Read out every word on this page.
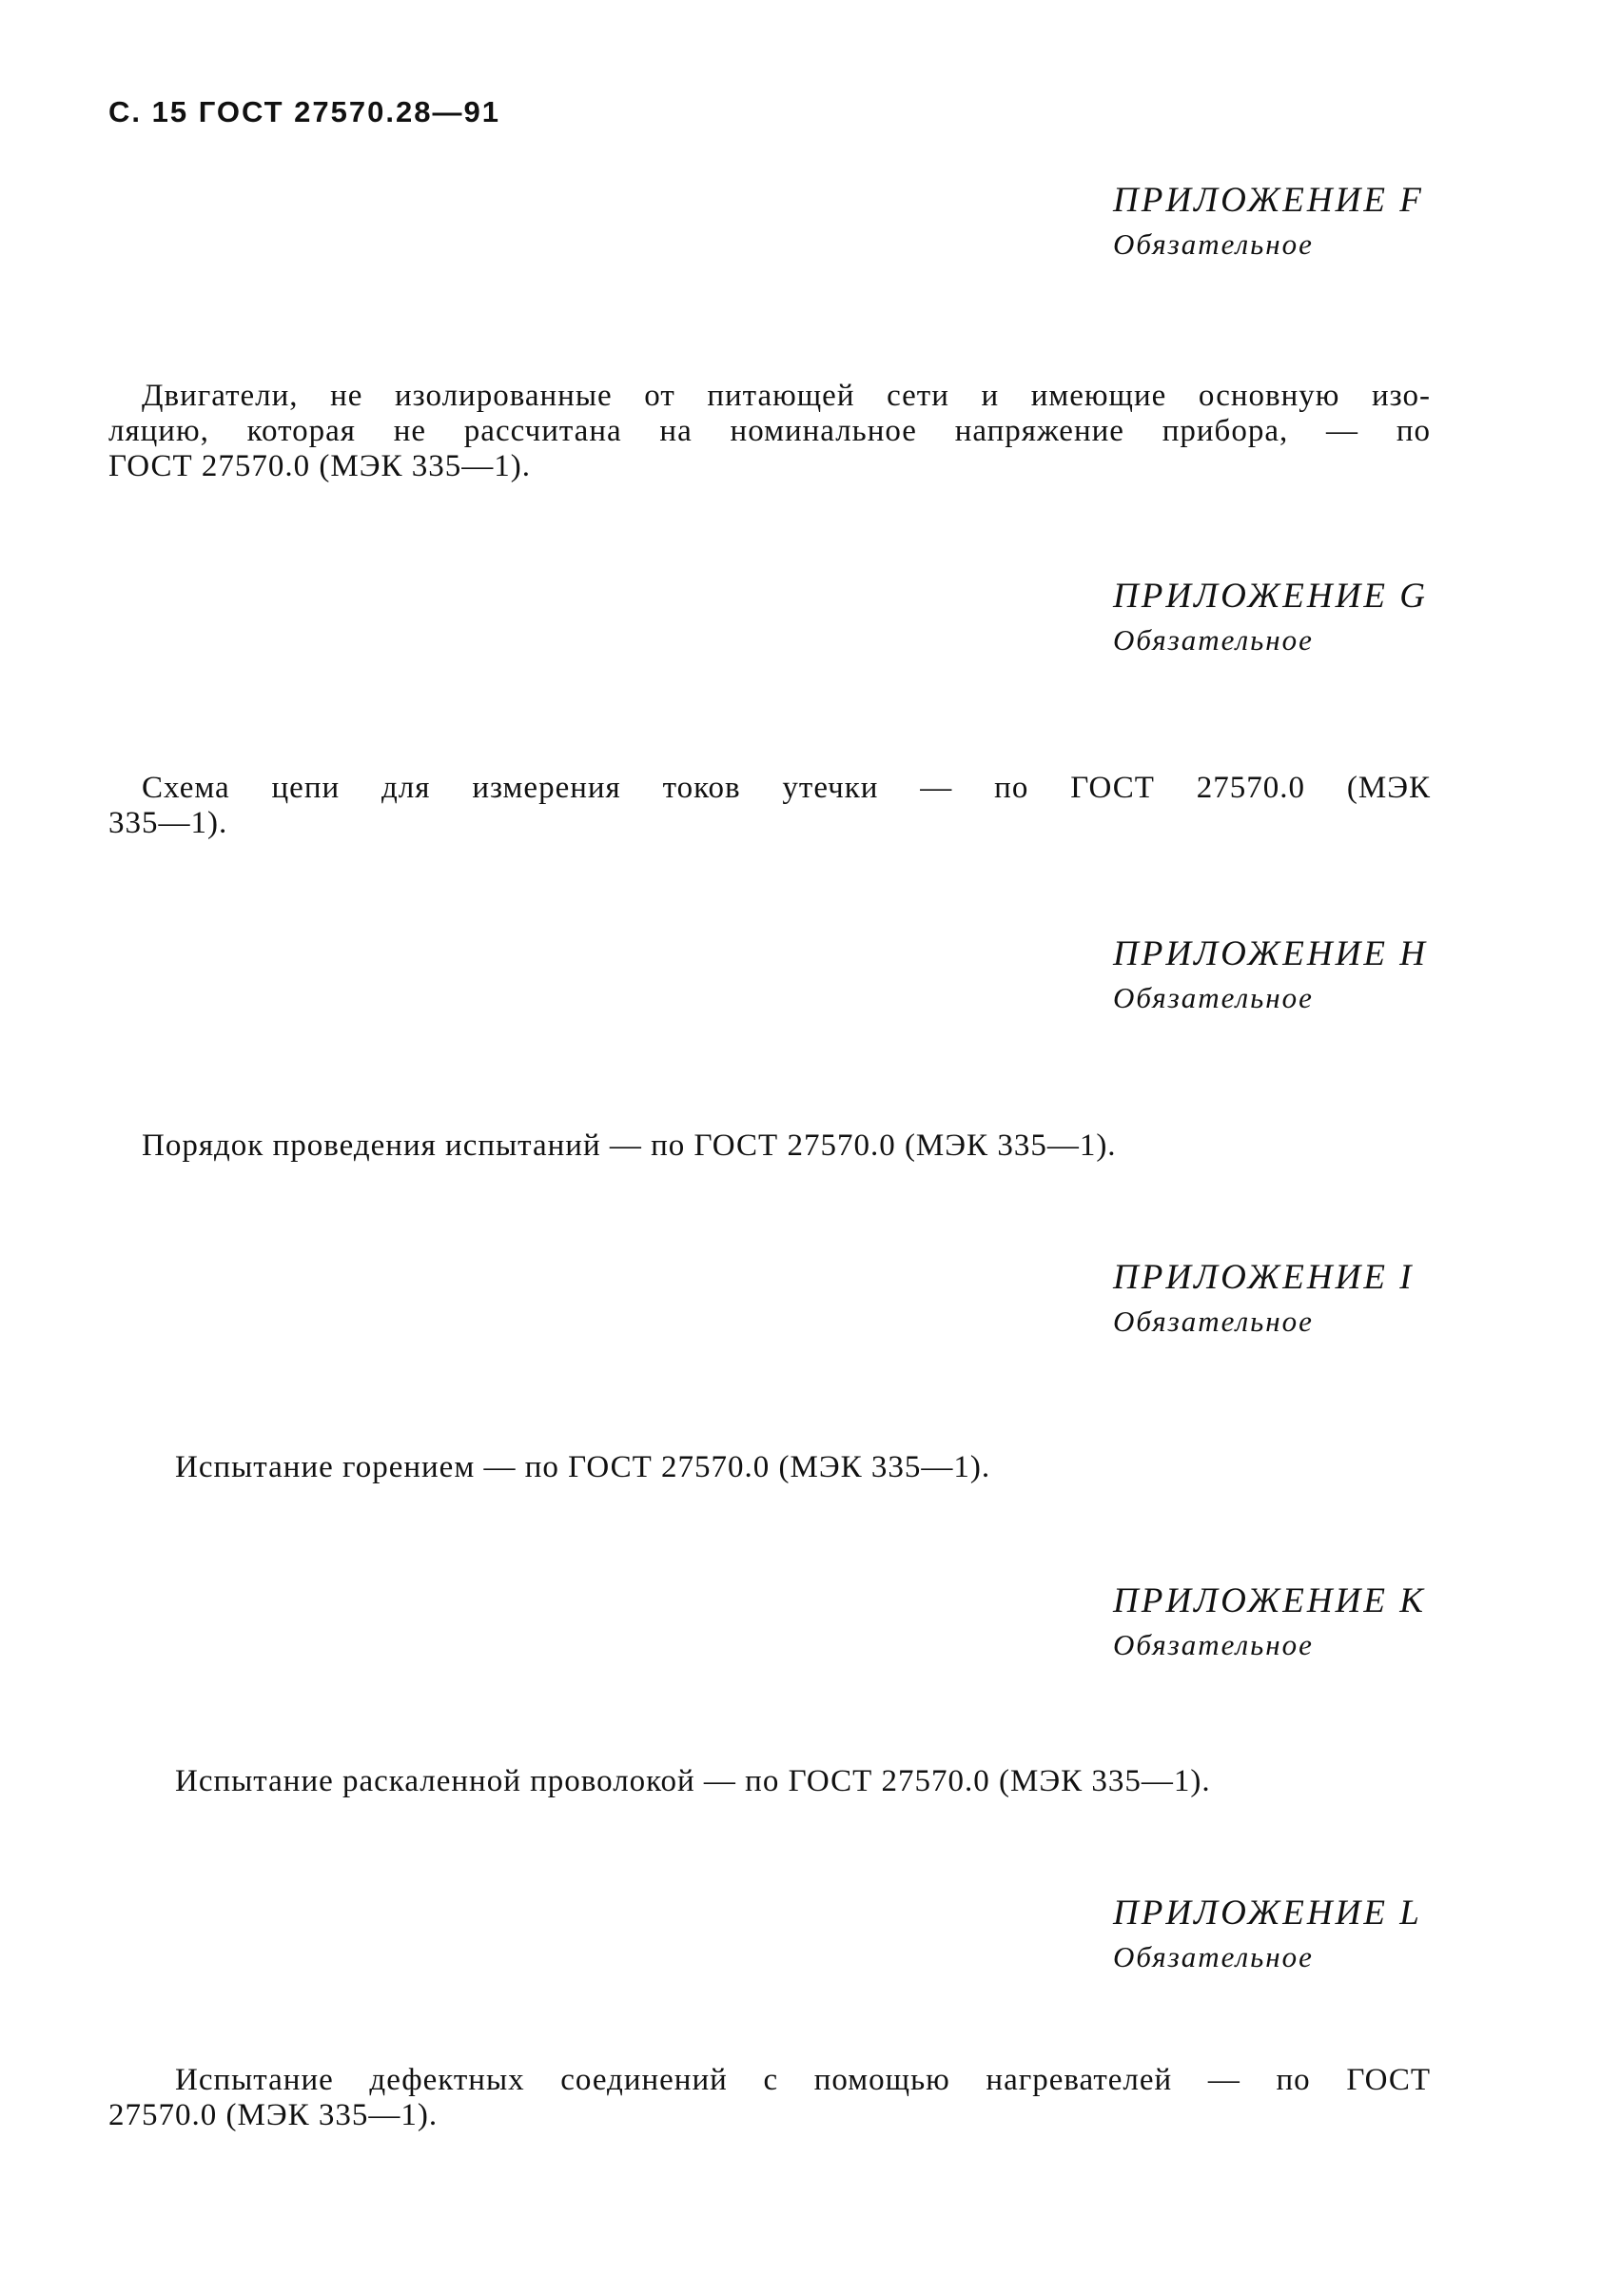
С. 15 ГОСТ 27570.28—91
ПРИЛОЖЕНИЕ F
Обязательное
Двигатели, не изолированные от питающей сети и имеющие основную изо-
ляцию, которая не рассчитана на номинальное напряжение прибора, — по
ГОСТ 27570.0 (МЭК 335—1).
ПРИЛОЖЕНИЕ G
Обязательное
Схема цепи для измерения токов утечки — по ГОСТ 27570.0 (МЭК
335—1).
ПРИЛОЖЕНИЕ H
Обязательное
Порядок проведения испытаний — по ГОСТ 27570.0 (МЭК 335—1).
ПРИЛОЖЕНИЕ I
Обязательное
Испытание горением — по ГОСТ 27570.0 (МЭК 335—1).
ПРИЛОЖЕНИЕ K
Обязательное
Испытание раскаленной проволокой — по ГОСТ 27570.0 (МЭК 335—1).
ПРИЛОЖЕНИЕ L
Обязательное
Испытание дефектных соединений с помощью нагревателей — по ГОСТ
27570.0 (МЭК 335—1).
